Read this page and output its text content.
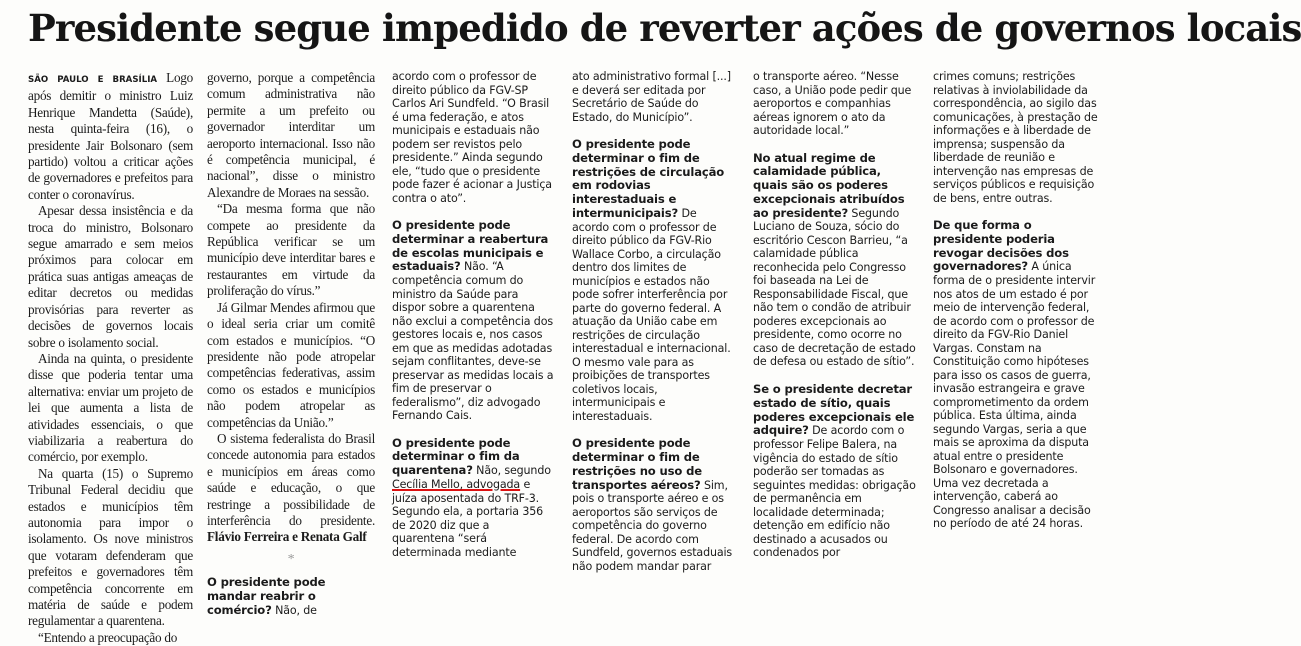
Presidente segue impedido de reverter ações de governos locais

SÃO PAULO E BRASÍLIA Logo após demitir o ministro Luiz Henrique Mandetta (Saúde), nesta quinta-feira (16), o presidente Jair Bolsonaro (sem partido) voltou a criticar ações de governadores e prefeitos para conter o coronavírus.

Apesar dessa insistência e da troca do ministro, Bolsonaro segue amarrado e sem meios próximos para colocar em prática suas antigas ameaças de editar decretos ou medidas provisórias para reverter as decisões de governos locais sobre o isolamento social.

Ainda na quinta, o presidente disse que poderia tentar uma alternativa: enviar um projeto de lei que aumenta a lista de atividades essenciais, o que viabilizaria a reabertura do comércio, por exemplo.

Na quarta (15) o Supremo Tribunal Federal decidiu que estados e municípios têm autonomia para impor o isolamento. Os nove ministros que votaram defenderam que prefeitos e governadores têm competência concorrente em matéria de saúde e podem regulamentar a quarentena.

“Entendo a preocupação do

governo, porque a competência comum administrativa não permite a um prefeito ou governador interditar um aeroporto internacional. Isso não é competência municipal, é nacional”, disse o ministro Alexandre de Moraes na sessão.

“Da mesma forma que não compete ao presidente da República verificar se um município deve interditar bares e restaurantes em virtude da proliferação do vírus.”

Já Gilmar Mendes afirmou que o ideal seria criar um comitê com estados e municípios. “O presidente não pode atropelar competências federativas, assim como os estados e municípios não podem atropelar as competências da União.”

O sistema federalista do Brasil concede autonomia para estados e municípios em áreas como saúde e educação, o que restringe a possibilidade de interferência do presidente. Flávio Ferreira e Renata Galf

*
O presidente pode mandar reabrir o comércio? Não, de

acordo com o professor de direito público da FGV-SP Carlos Ari Sundfeld. “O Brasil é uma federação, e atos municipais e estaduais não podem ser revistos pelo presidente.” Ainda segundo ele, “tudo que o presidente pode fazer é acionar a Justiça contra o ato”.

O presidente pode determinar a reabertura de escolas municipais e estaduais? Não. “A competência comum do ministro da Saúde para dispor sobre a quarentena não exclui a competência dos gestores locais e, nos casos em que as medidas adotadas sejam conflitantes, deve-se preservar as medidas locais a fim de preservar o federalismo”, diz advogado Fernando Cais.
O presidente pode determinar o fim da quarentena? Não, segundo Cecília Mello, advogada e juíza aposentada do TRF-3. Segundo ela, a portaria 356 de 2020 diz que a quarentena “será determinada mediante

ato administrativo formal [...] e deverá ser editada por Secretário de Saúde do Estado, do Município”.

O presidente pode determinar o fim de restrições de circulação em rodovias interestaduais e intermunicipais? De acordo com o professor de direito público da FGV-Rio Wallace Corbo, a circulação dentro dos limites de municípios e estados não pode sofrer interferência por parte do governo federal. A atuação da União cabe em restrições de circulação interestadual e internacional. O mesmo vale para as proibições de transportes coletivos locais, intermunicipais e interestaduais.
O presidente pode determinar o fim de restrições no uso de transportes aéreos? Sim, pois o transporte aéreo e os aeroportos são serviços de competência do governo federal. De acordo com Sundfeld, governos estaduais não podem mandar parar

o transporte aéreo. “Nesse caso, a União pode pedir que aeroportos e companhias aéreas ignorem o ato da autoridade local.”

No atual regime de calamidade pública, quais são os poderes excepcionais atribuídos ao presidente? Segundo Luciano de Souza, sócio do escritório Cescon Barrieu, “a calamidade pública reconhecida pelo Congresso foi baseada na Lei de Responsabilidade Fiscal, que não tem o condão de atribuir poderes excepcionais ao presidente, como ocorre no caso de decretação de estado de defesa ou estado de sítio”.
Se o presidente decretar estado de sítio, quais poderes excepcionais ele adquire? De acordo com o professor Felipe Balera, na vigência do estado de sítio poderão ser tomadas as seguintes medidas: obrigação de permanência em localidade determinada; detenção em edifício não destinado a acusados ou condenados por

crimes comuns; restrições relativas à inviolabilidade da correspondência, ao sigilo das comunicações, à prestação de informações e à liberdade de imprensa; suspensão da liberdade de reunião e intervenção nas empresas de serviços públicos e requisição de bens, entre outras.

De que forma o presidente poderia revogar decisões dos governadores? A única forma de o presidente intervir nos atos de um estado é por meio de intervenção federal, de acordo com o professor de direito da FGV-Rio Daniel Vargas. Constam na Constituição como hipóteses para isso os casos de guerra, invasão estrangeira e grave comprometimento da ordem pública. Esta última, ainda segundo Vargas, seria a que mais se aproxima da disputa atual entre o presidente Bolsonaro e governadores. Uma vez decretada a intervenção, caberá ao Congresso analisar a decisão no período de até 24 horas.
